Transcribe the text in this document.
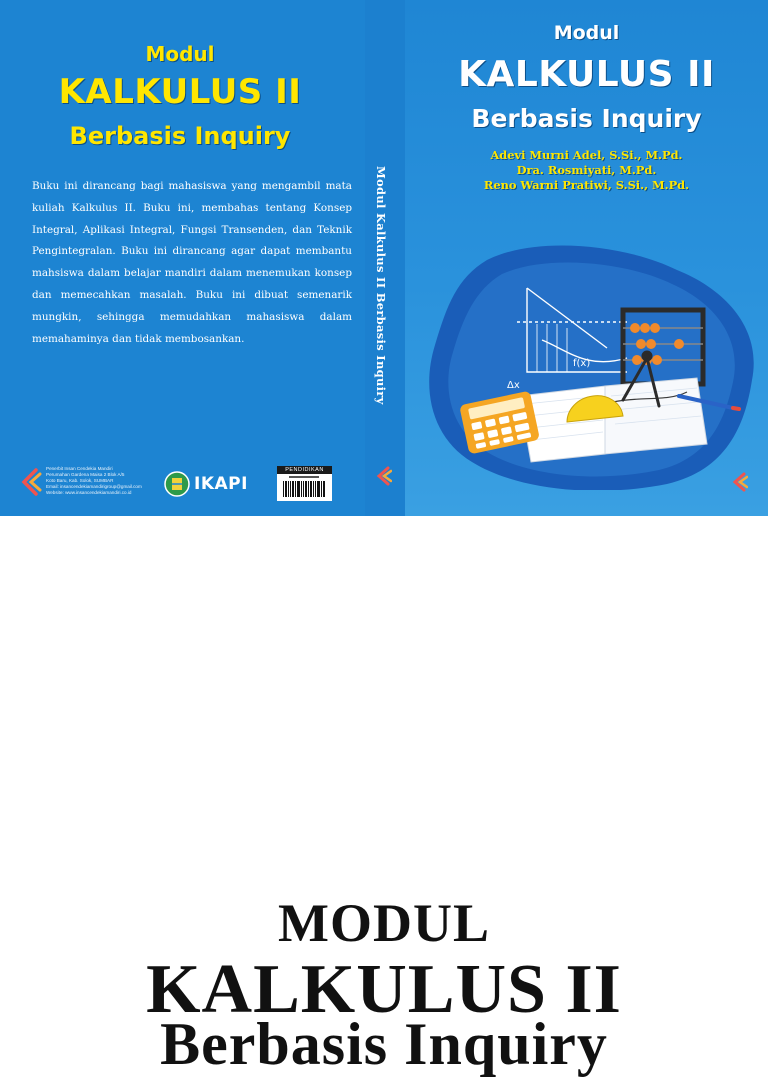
Modul
KALKULUS II
Berbasis Inquiry

Buku ini dirancang bagi mahasiswa yang mengambil mata kuliah Kalkulus II. Buku ini, membahas tentang Konsep Integral, Aplikasi Integral, Fungsi Transenden, dan Teknik Pengintegralan. Buku ini dirancang agar dapat membantu mahsiswa dalam belajar mandiri dalam menemukan konsep dan memecahkan masalah. Buku ini dibuat semenarik mungkin, sehingga memudahkan mahasiswa dalam memahaminya dan tidak membosankan.

Penerbit Insan Cendekia Mandiri
Perumahan Gardena Maisa 2 Blok A/5
Koto Baru, Kab. Solok, SUMBAR
Email: insancendekiamandirigroup@gmail.com
Website: www.insancendekiamandiri.co.id	IKAPI
PENDIDIKAN
Modul Kalkulus II Berbasis Inquiry
Modul
KALKULUS II
Berbasis Inquiry
Adevi Murni Adel, S.Si., M.Pd.
Dra. Rosmiyati, M.Pd.
Reno Warni Pratiwi, S.Si., M.Pd.
f(x)
Δx
MODUL
KALKULUS II
Berbasis Inquiry
